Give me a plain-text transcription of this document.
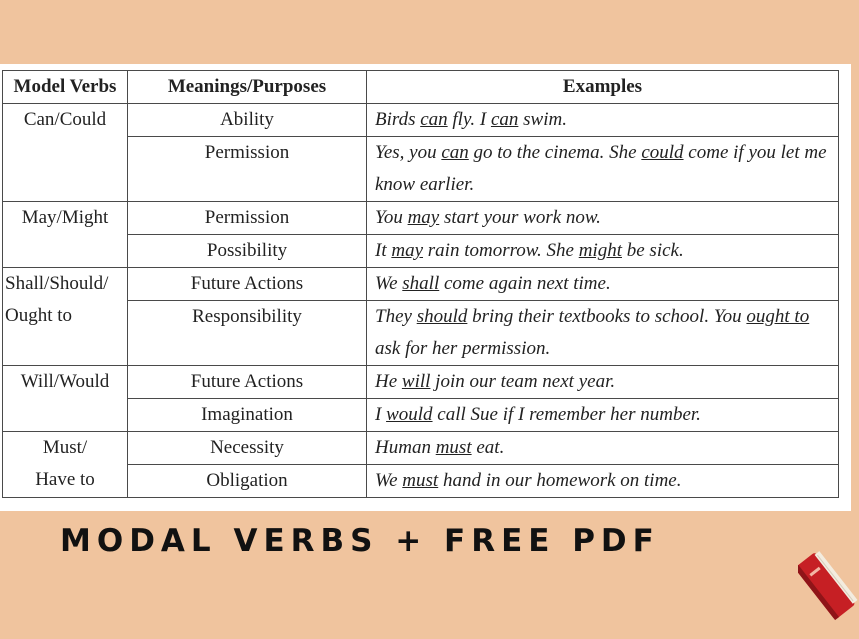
Model Verbs	Meanings/Purposes	Examples

Can/Could	Ability	Birds can fly. I can swim.
	Permission	Yes, you can go to the cinema. She could come if you let me know earlier.

May/Might	Permission	You may start your work now.
	Possibility	It may rain tomorrow. She might be sick.

Shall/Should/
Ought to	Future Actions	We shall come again next time.
	Responsibility	They should bring their textbooks to school. You ought to ask for her permission.

Will/Would	Future Actions	He will join our team next year.
	Imagination	I would call Sue if I remember her number.

Must/
Have to	Necessity	Human must eat.
	Obligation	We must hand in our homework on time.
MODAL VERBS + FREE PDF
